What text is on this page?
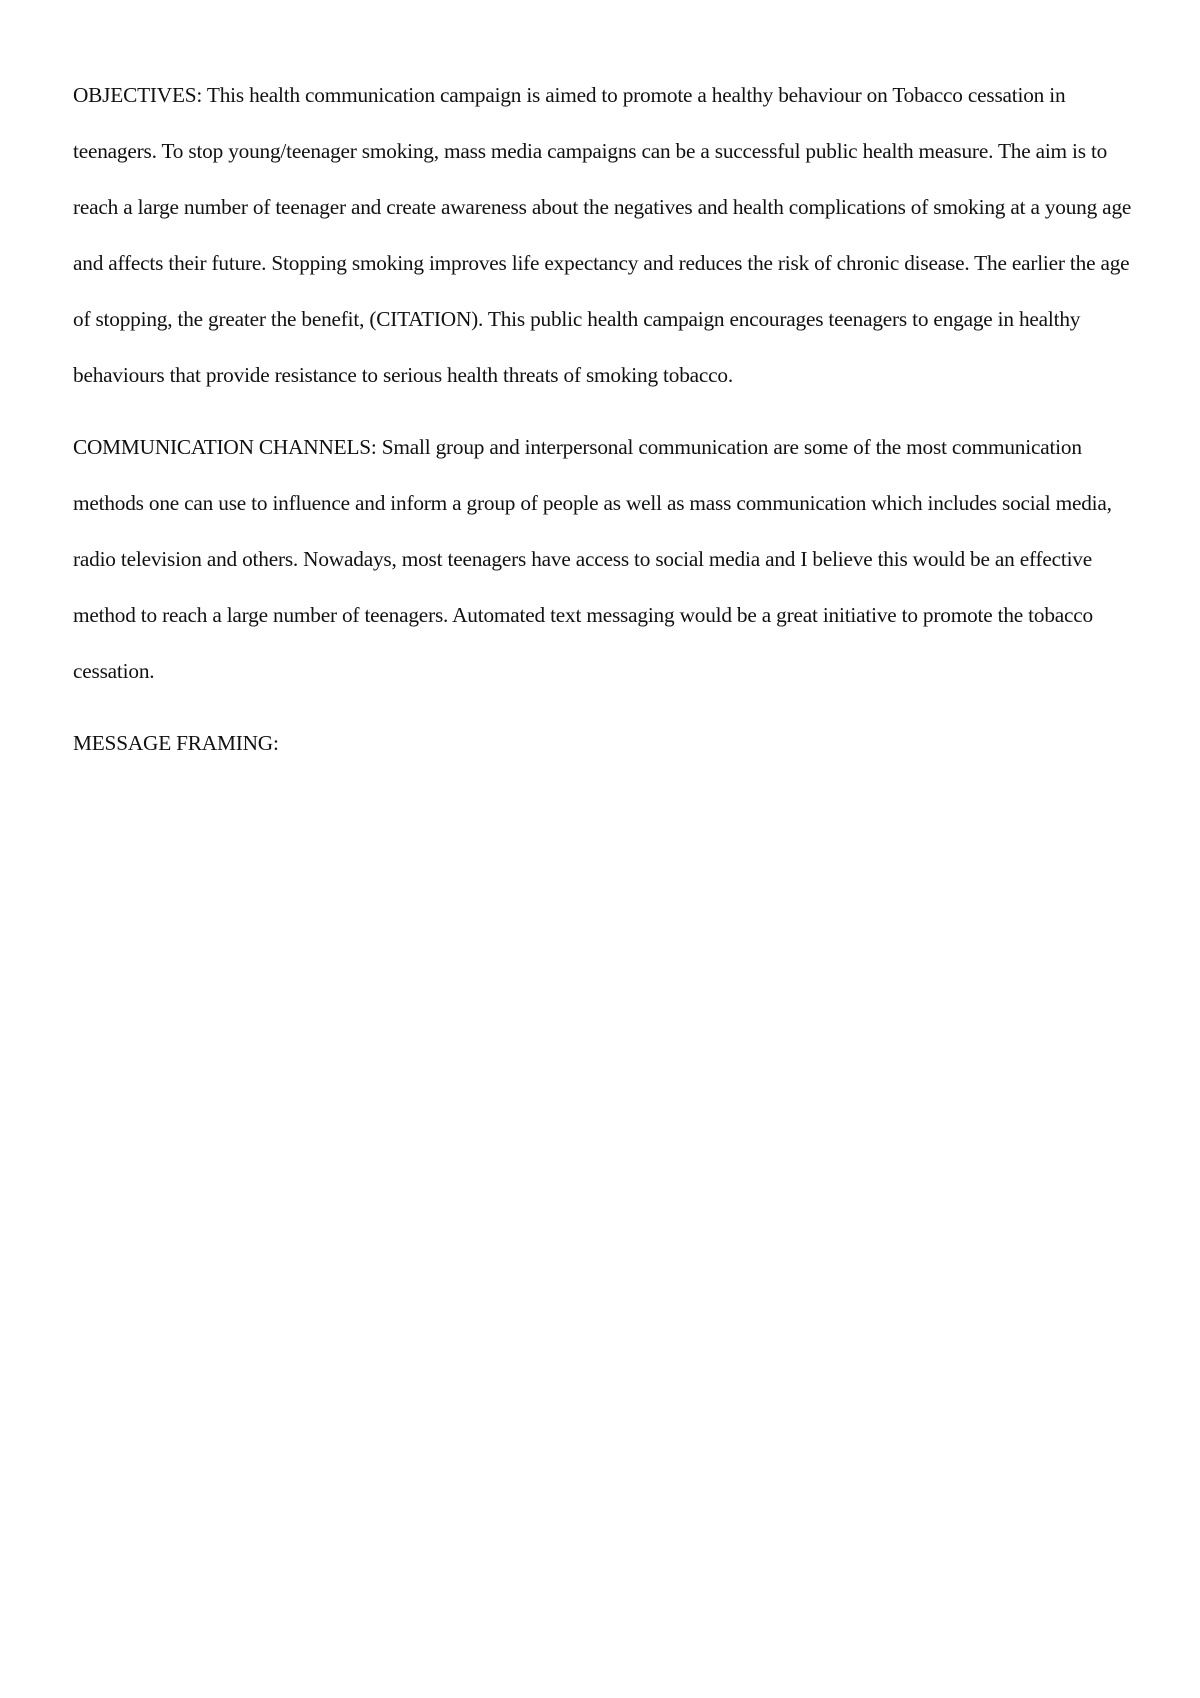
OBJECTIVES: This health communication campaign is aimed to promote a healthy behaviour on Tobacco cessation in teenagers. To stop young/teenager smoking, mass media campaigns can be a successful public health measure. The aim is to reach a large number of teenager and create awareness about the negatives and health complications of smoking at a young age and affects their future. Stopping smoking improves life expectancy and reduces the risk of chronic disease. The earlier the age of stopping, the greater the benefit, (CITATION). This public health campaign encourages teenagers to engage in healthy behaviours that provide resistance to serious health threats of smoking tobacco.

COMMUNICATION CHANNELS: Small group and interpersonal communication are some of the most communication methods one can use to influence and inform a group of people as well as mass communication which includes social media, radio television and others. Nowadays, most teenagers have access to social media and I believe this would be an effective method to reach a large number of teenagers. Automated text messaging would be a great initiative to promote the tobacco cessation.

MESSAGE FRAMING:
